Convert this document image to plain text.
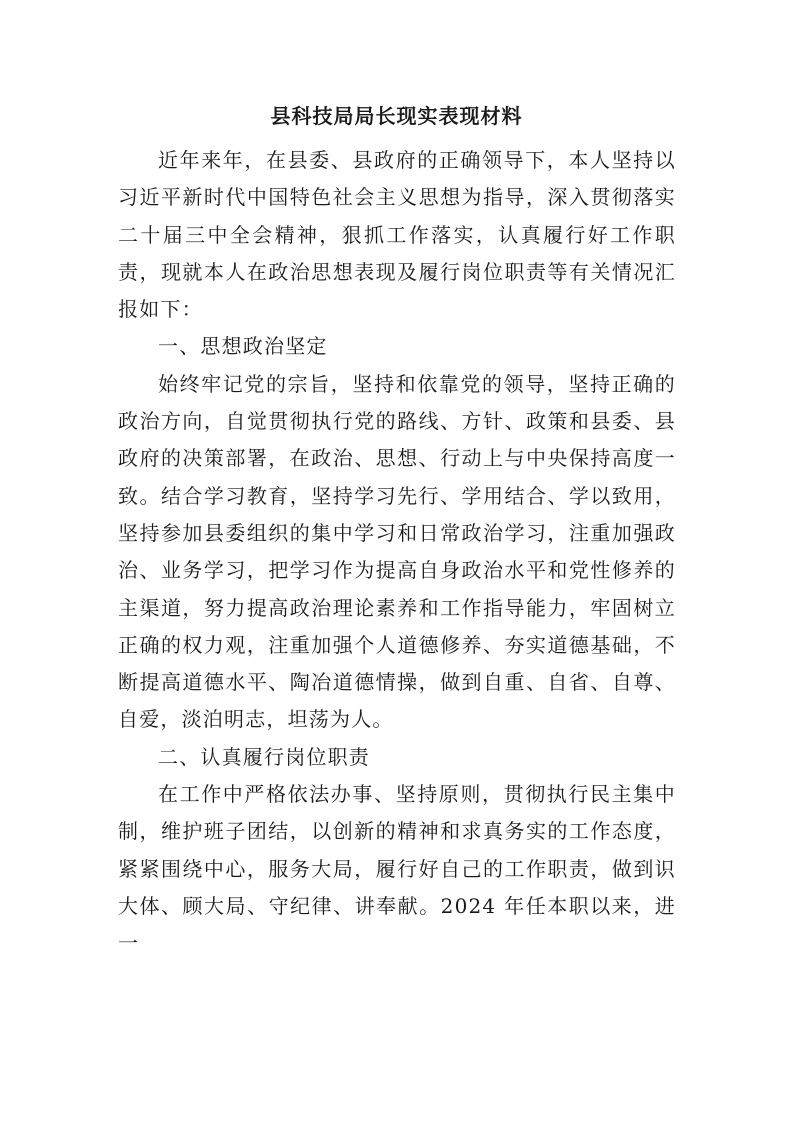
县科技局局长现实表现材料

近年来年，在县委、县政府的正确领导下，本人坚持以习近平新时代中国特色社会主义思想为指导，深入贯彻落实二十届三中全会精神，狠抓工作落实，认真履行好工作职责，现就本人在政治思想表现及履行岗位职责等有关情况汇报如下：

一、思想政治坚定

始终牢记党的宗旨，坚持和依靠党的领导，坚持正确的政治方向，自觉贯彻执行党的路线、方针、政策和县委、县政府的决策部署，在政治、思想、行动上与中央保持高度一致。结合学习教育，坚持学习先行、学用结合、学以致用，坚持参加县委组织的集中学习和日常政治学习，注重加强政治、业务学习，把学习作为提高自身政治水平和党性修养的主渠道，努力提高政治理论素养和工作指导能力，牢固树立正确的权力观，注重加强个人道德修养、夯实道德基础，不断提高道德水平、陶冶道德情操，做到自重、自省、自尊、自爱，淡泊明志，坦荡为人。

二、认真履行岗位职责

在工作中严格依法办事、坚持原则，贯彻执行民主集中制，维护班子团结，以创新的精神和求真务实的工作态度，紧紧围绕中心，服务大局，履行好自己的工作职责，做到识大体、顾大局、守纪律、讲奉献。2024 年任本职以来，进一
